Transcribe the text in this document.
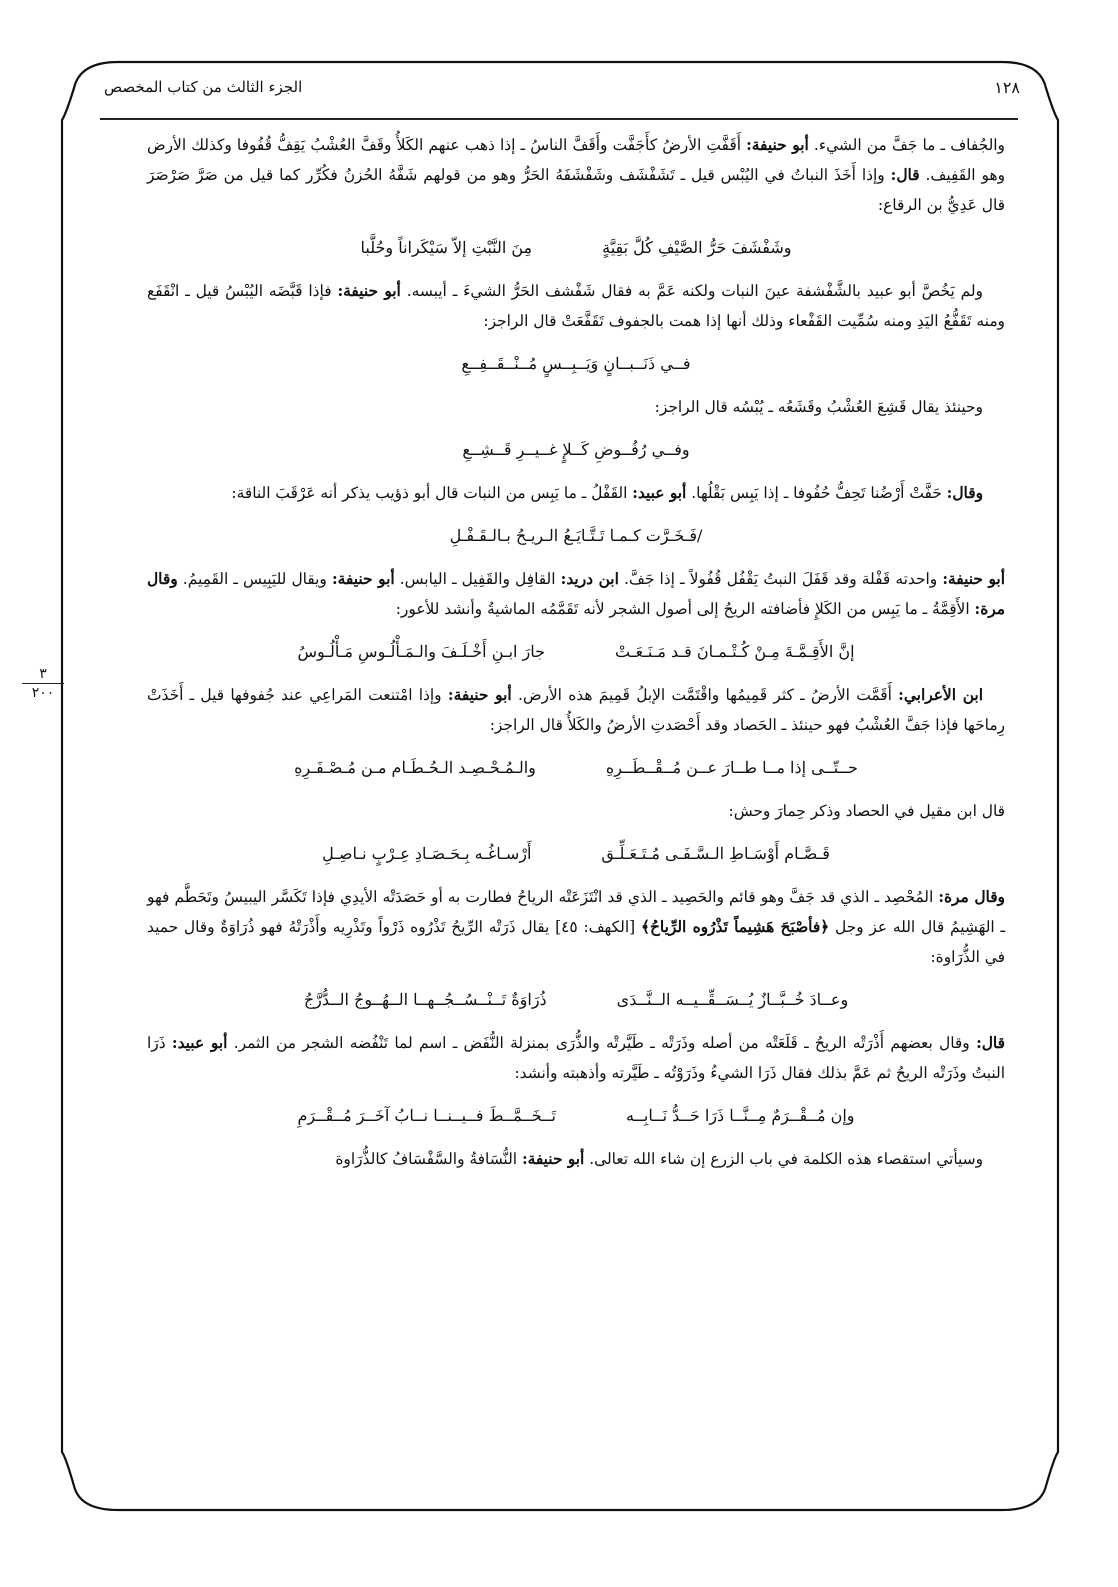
١٢٨
الجزء الثالث من كتاب المخصص
٣
٢٠٠

والجُفاف ـ ما جَفَّ من الشيء. أبو حنيفة: أَقَفَّتِ الأرضُ كأَجَفَّت وأَقَفَّ الناسُ ـ إذا ذهب عنهم الكَلأُ وقَفَّ العُشْبُ يَقِفُّ قُفُوفا وكذلك الأرض وهو القَفِيف. قال: وإذا أَخَذَ النباتُ في اليُبْس قيل ـ تَشَفْشَف وشَفْشَفَهُ الحَرُّ وهو من قولهم شَفَّهُ الحُزنُ فكُرِّر كما قيل من صَرَّ صَرْصَرَ قال عَدِيُّ بن الرقاع:

وشَفْشَفَ حَرُّ الصَّيْفِ كُلَّ بَقِيَّةٍ
مِنَ النَّبْتِ إلاّ سَيْكَراناً وحُلَّبا

ولم يَخُصَّ أبو عبيد بالشَّفْشفة عينَ النبات ولكنه عَمَّ به فقال شَفْشف الحَرُّ الشيءَ ـ أيبسه. أبو حنيفة: فإذا قَبَّضَه اليُبْسُ قيل ـ انْقَفَع ومنه تَقَفُّعُ اليَدِ ومنه سُمِّيت القَفْعاء وذلك أنها إذا همت بالجفوف تَقَفَّعَتْ قال الراجز:

فــي ذَنَــبــانٍ وَيَــبِــسٍ مُــنْــقَــفِــعِ

وحينئذ يقال قَشِعَ العُشْبُ وقَشَعُه ـ يُبْسُه قال الراجز:

وفــي رُفُــوضِ كَــلإٍ غــيــرِ قَــشِــعِ

وقال: حَفَّتْ أَرْضُنا تَحِفُّ حُفُوفا ـ إذا يَبِس بَقْلُها. أبو عبيد: القَفْلُ ـ ما يَبِس من النبات قال أبو ذؤيب يذكر أنه عَرْقَبَ الناقة:

/فَـخَـرَّت كـمـا تَـتَّـايَـعُ الـريـحُ بـالـقَـفْـلِ

أبو حنيفة: واحدته قَفْلة وقد قَفَلَ النبتُ يَقْفُل قُفُولاً ـ إذا جَفَّ. ابن دريد: القافِل والقَفِيل ـ اليابس. أبو حنيفة: ويقال لليَبِيس ـ القَمِيمُ. وقال مرة: الأَقِمَّةُ ـ ما يَبِس من الكَلإِ فأضافته الريحُ إلى أصول الشجر لأنه تَقَمَّمُه الماشيةُ وأنشد للأعور:

إنَّ الأَقِـمَّـةَ مِـنْ كُـتْـمـانَ قـد مَـنَـعَـتْ
جارَ ابـنِ أَخْـلَـفَ والـمَـأْلُـوسِ مَـأْلُـوسُ

ابن الأعرابي: أَقَمَّت الأرضُ ـ كثر قَمِيمُها واقْتَمَّت الإبلُ قَمِيمَ هذه الأرض. أبو حنيفة: وإذا امْتنعت المَراعِي عند جُفوفها قيل ـ أَخَذَتْ رِماحَها فإذا جَفَّ العُشْبُ فهو حينئذ ـ الحَصاد وقد أَحْصَدتِ الأرضُ والكَلأُ قال الراجز:

حــتّــى إذا مــا طــارَ عــن مُــقْــطَــرِهِ
والـمُـحْـصِـد الـحُـطَـام مـن مُـصْـفَـرِهِ

قال ابن مقيل في الحصاد وذكر حِمارَ وحش:

قَـصَّـام أَوْسَـاطِ الـسَّـفَـى مُـتَـعَـلِّـق
أَرْسـاغُـه بِـحَـصَـادِ عِـرْبٍ نـاصِـلِ

وقال مرة: المُحْصِد ـ الذي قد جَفَّ وهو قائم والحَصِيد ـ الذي قد انْتَزَعَتْه الرياحُ فطارت به أو حَصَدَتْه الأيدِي فإذا تَكَسَّر اليبيسُ وتَحَطَّم فهو ـ الهَشِيمُ قال الله عز وجل ﴿فأصْبَحَ هَشِيماً تَذْرُوه الرِّياحُ﴾ [الكهف: ٤٥] يقال ذَرَتْه الرِّيحُ تَذْرُوه ذَرْواً وتَذْرِيه وأَذْرَتْهُ فهو ذُرَاوَةٌ وقال حميد في الذُّرَاوة:

وعــادَ خُــبَّــازٌ يُــسَــقِّــيــه الــنَّــدَى
ذُرَاوَةٌ تَــنْــسُــجُــهــا الــهُــوجُ الــدُّرَّجُ

قال: وقال بعضهم أَذْرَتْه الريحُ ـ قَلَعَتْه من أصله وذَرَتْه ـ طَيَّرتْه والذُّرَى بمنزلة النُّفَض ـ اسم لما تَنْفُضه الشجر من الثمر. أبو عبيد: ذَرَا النبتُ وذَرَتْه الريحُ ثم عَمَّ بذلك فقال ذَرَا الشيءُ وذَرَوْتُه ـ طَيَّرته وأذهبته وأنشد:

وإن مُــقْــرَمٌ مِــنَّــا ذَرَا حَــدُّ نَــابِــه
تَــخَــمَّــطَ فــيــنــا نــابُ آخَــرَ مُــقْــرَمِ

وسيأتي استقصاء هذه الكلمة في باب الزرع إن شاء الله تعالى. أبو حنيفة: النُّسَافةُ والسَّفْسَافُ كالذُّرَاوة
